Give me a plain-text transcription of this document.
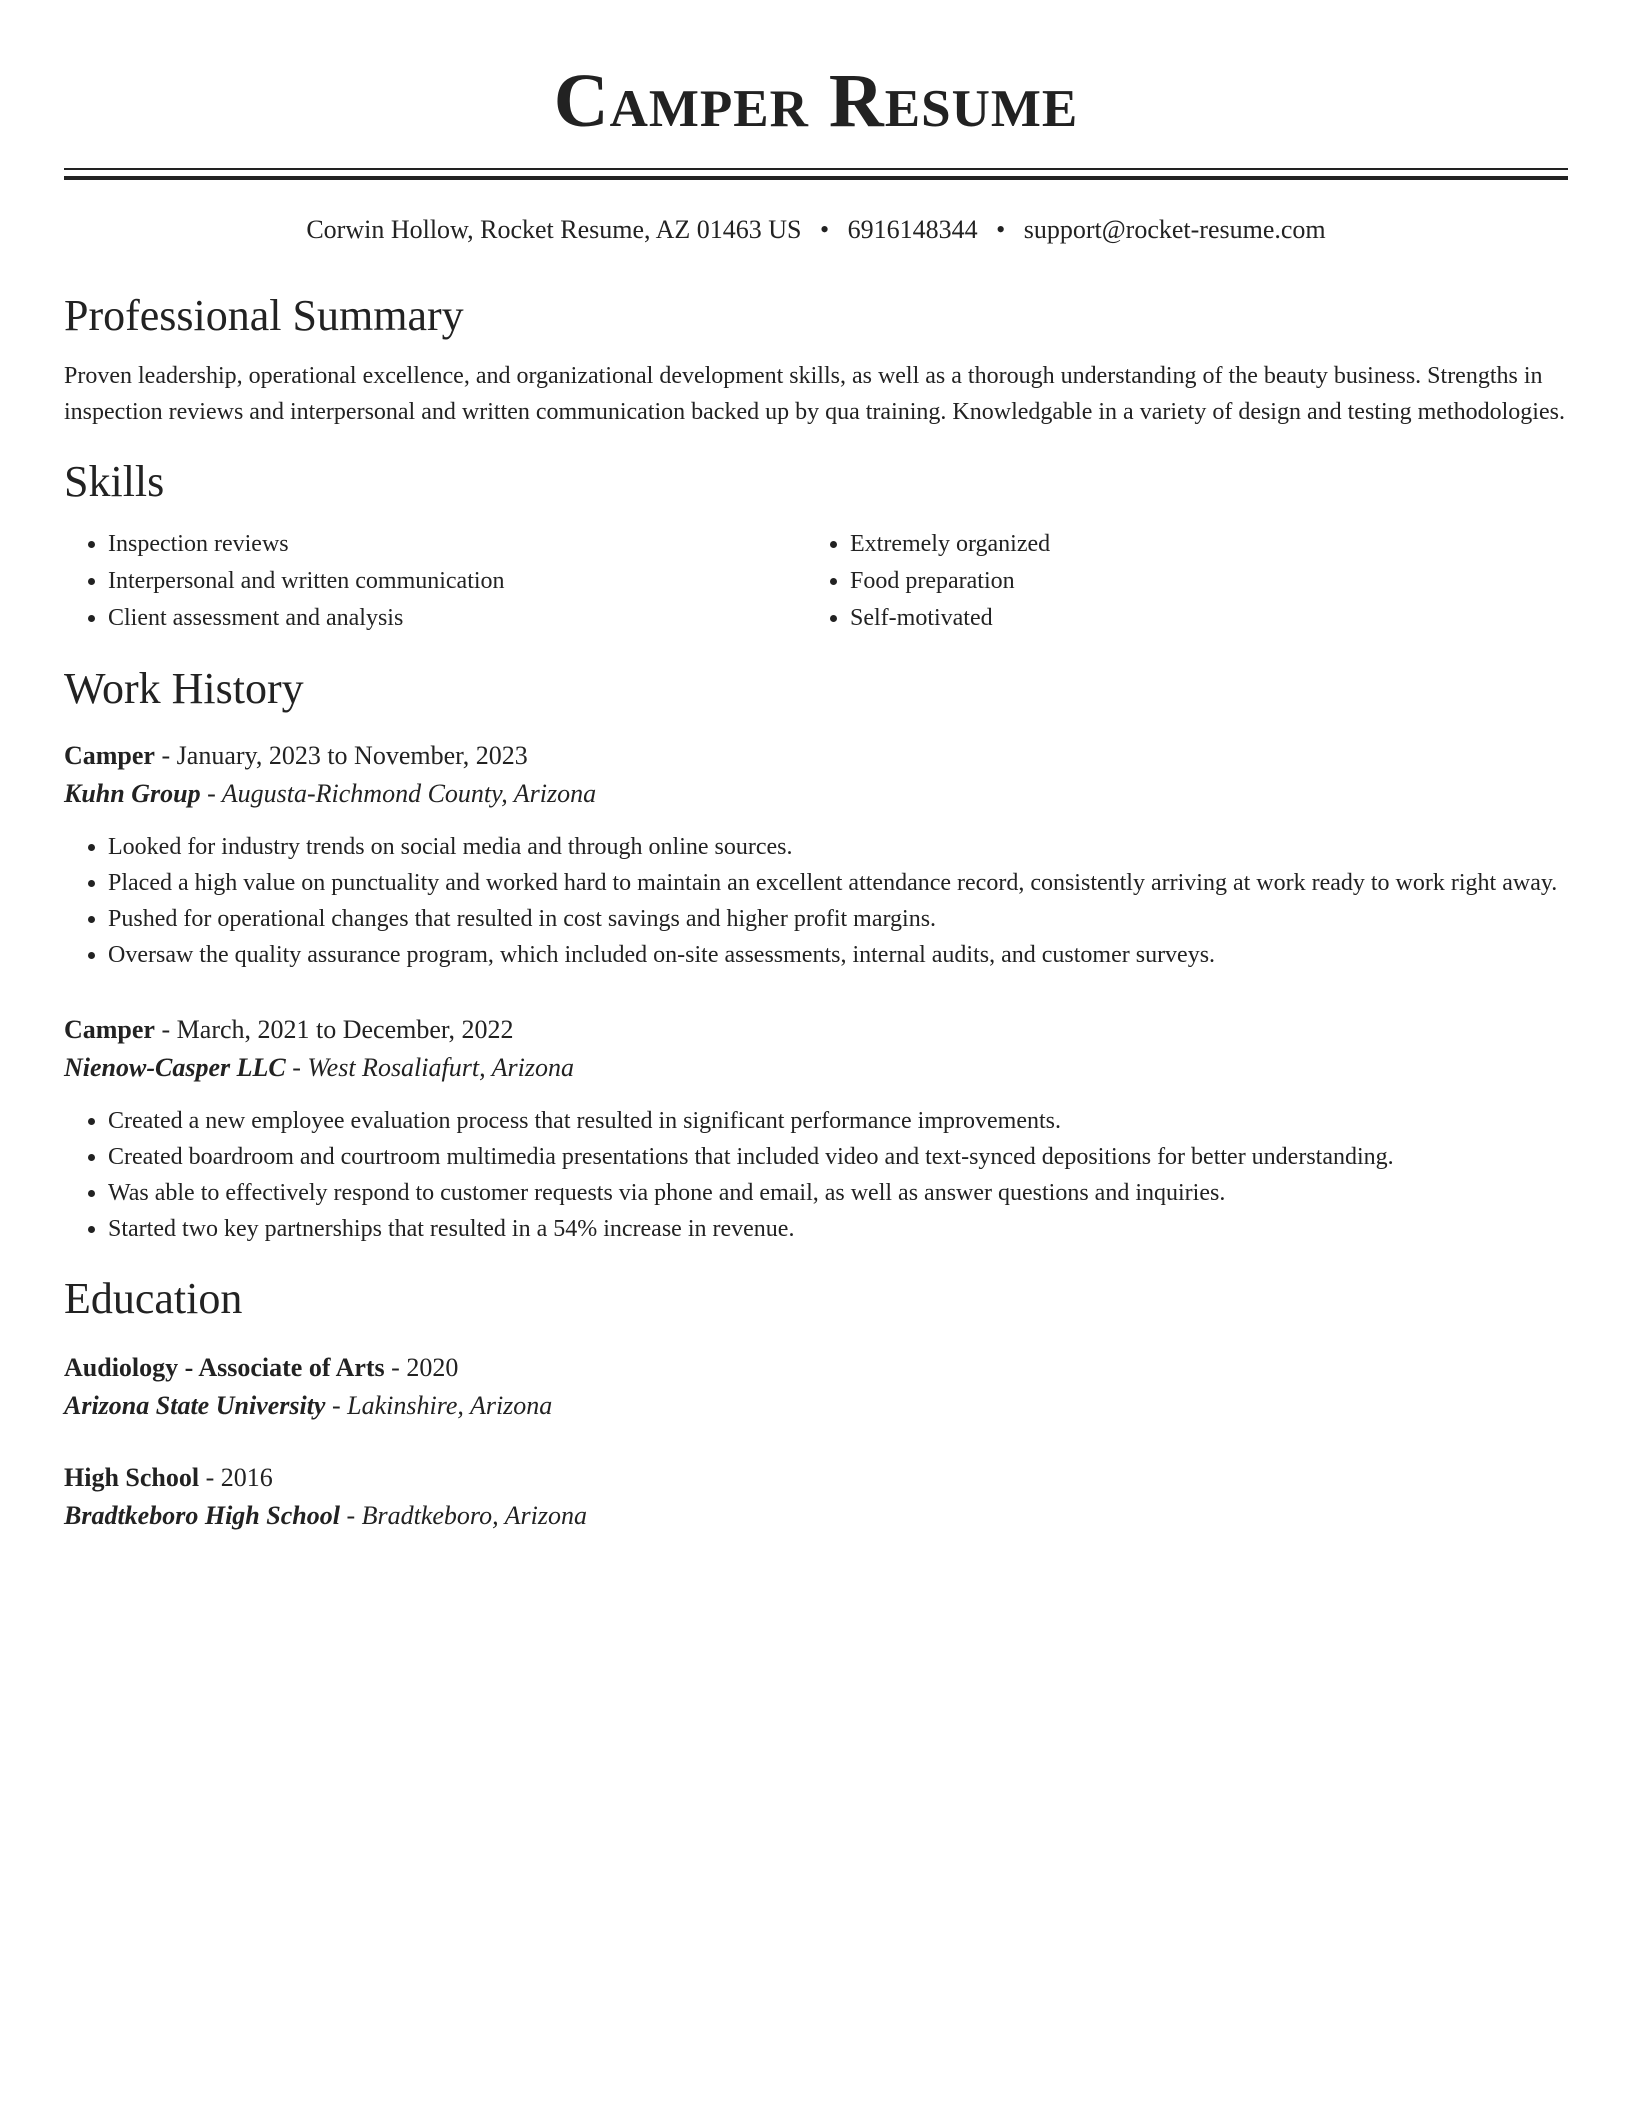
Camper Resume
Corwin Hollow, Rocket Resume, AZ 01463 US • 6916148344 • support@rocket-resume.com
Professional Summary

Proven leadership, operational excellence, and organizational development skills, as well as a thorough understanding of the beauty business. Strengths in inspection reviews and interpersonal and written communication backed up by qua training. Knowledgable in a variety of design and testing methodologies.

Skills
• Inspection reviews
• Interpersonal and written communication
• Client assessment and analysis
• Extremely organized
• Food preparation
• Self-motivated
Work History
Camper - January, 2023 to November, 2023
Kuhn Group - Augusta-Richmond County, Arizona
• Looked for industry trends on social media and through online sources.
• Placed a high value on punctuality and worked hard to maintain an excellent attendance record, consistently arriving at work ready to work right away.
• Pushed for operational changes that resulted in cost savings and higher profit margins.
• Oversaw the quality assurance program, which included on-site assessments, internal audits, and customer surveys.
Camper - March, 2021 to December, 2022
Nienow-Casper LLC - West Rosaliafurt, Arizona
• Created a new employee evaluation process that resulted in significant performance improvements.
• Created boardroom and courtroom multimedia presentations that included video and text-synced depositions for better understanding.
• Was able to effectively respond to customer requests via phone and email, as well as answer questions and inquiries.
• Started two key partnerships that resulted in a 54% increase in revenue.
Education
Audiology - Associate of Arts - 2020
Arizona State University - Lakinshire, Arizona
High School - 2016
Bradtkeboro High School - Bradtkeboro, Arizona
